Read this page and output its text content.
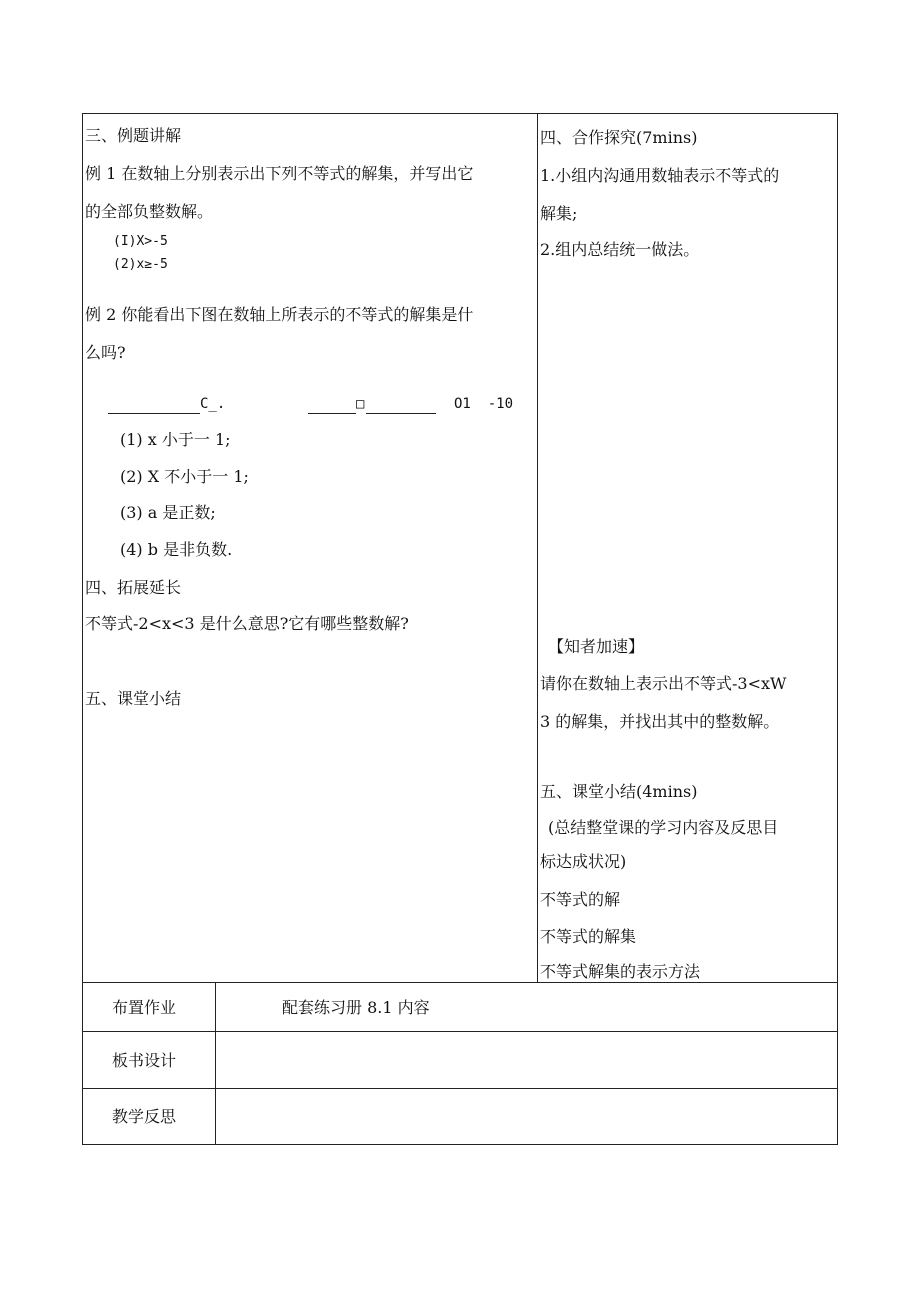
三、例题讲解
例 1 在数轴上分别表示出下列不等式的解集，并写出它
的全部负整数解。
(I)X>-5
(2)x≥-5
例 2 你能看出下图在数轴上所表示的不等式的解集是什
么吗?
C_.	□	O1  -10
(1) x 小于一 1;
(2) X 不小于一 1;
(3) a 是正数;
(4) b 是非负数.
四、拓展延长
不等式-2<x<3 是什么意思?它有哪些整数解?
五、课堂小结
四、合作探究(7mins)
1.小组内沟通用数轴表示不等式的
解集;
2.组内总结统一做法。
【知者加速】
请你在数轴上表示出不等式-3<xW
3 的解集，并找出其中的整数解。
五、课堂小结(4mins)
(总结整堂课的学习内容及反思目
标达成状况)
不等式的解
不等式的解集
不等式解集的表示方法
布置作业	配套练习册 8.1 内容
板书设计
教学反思
